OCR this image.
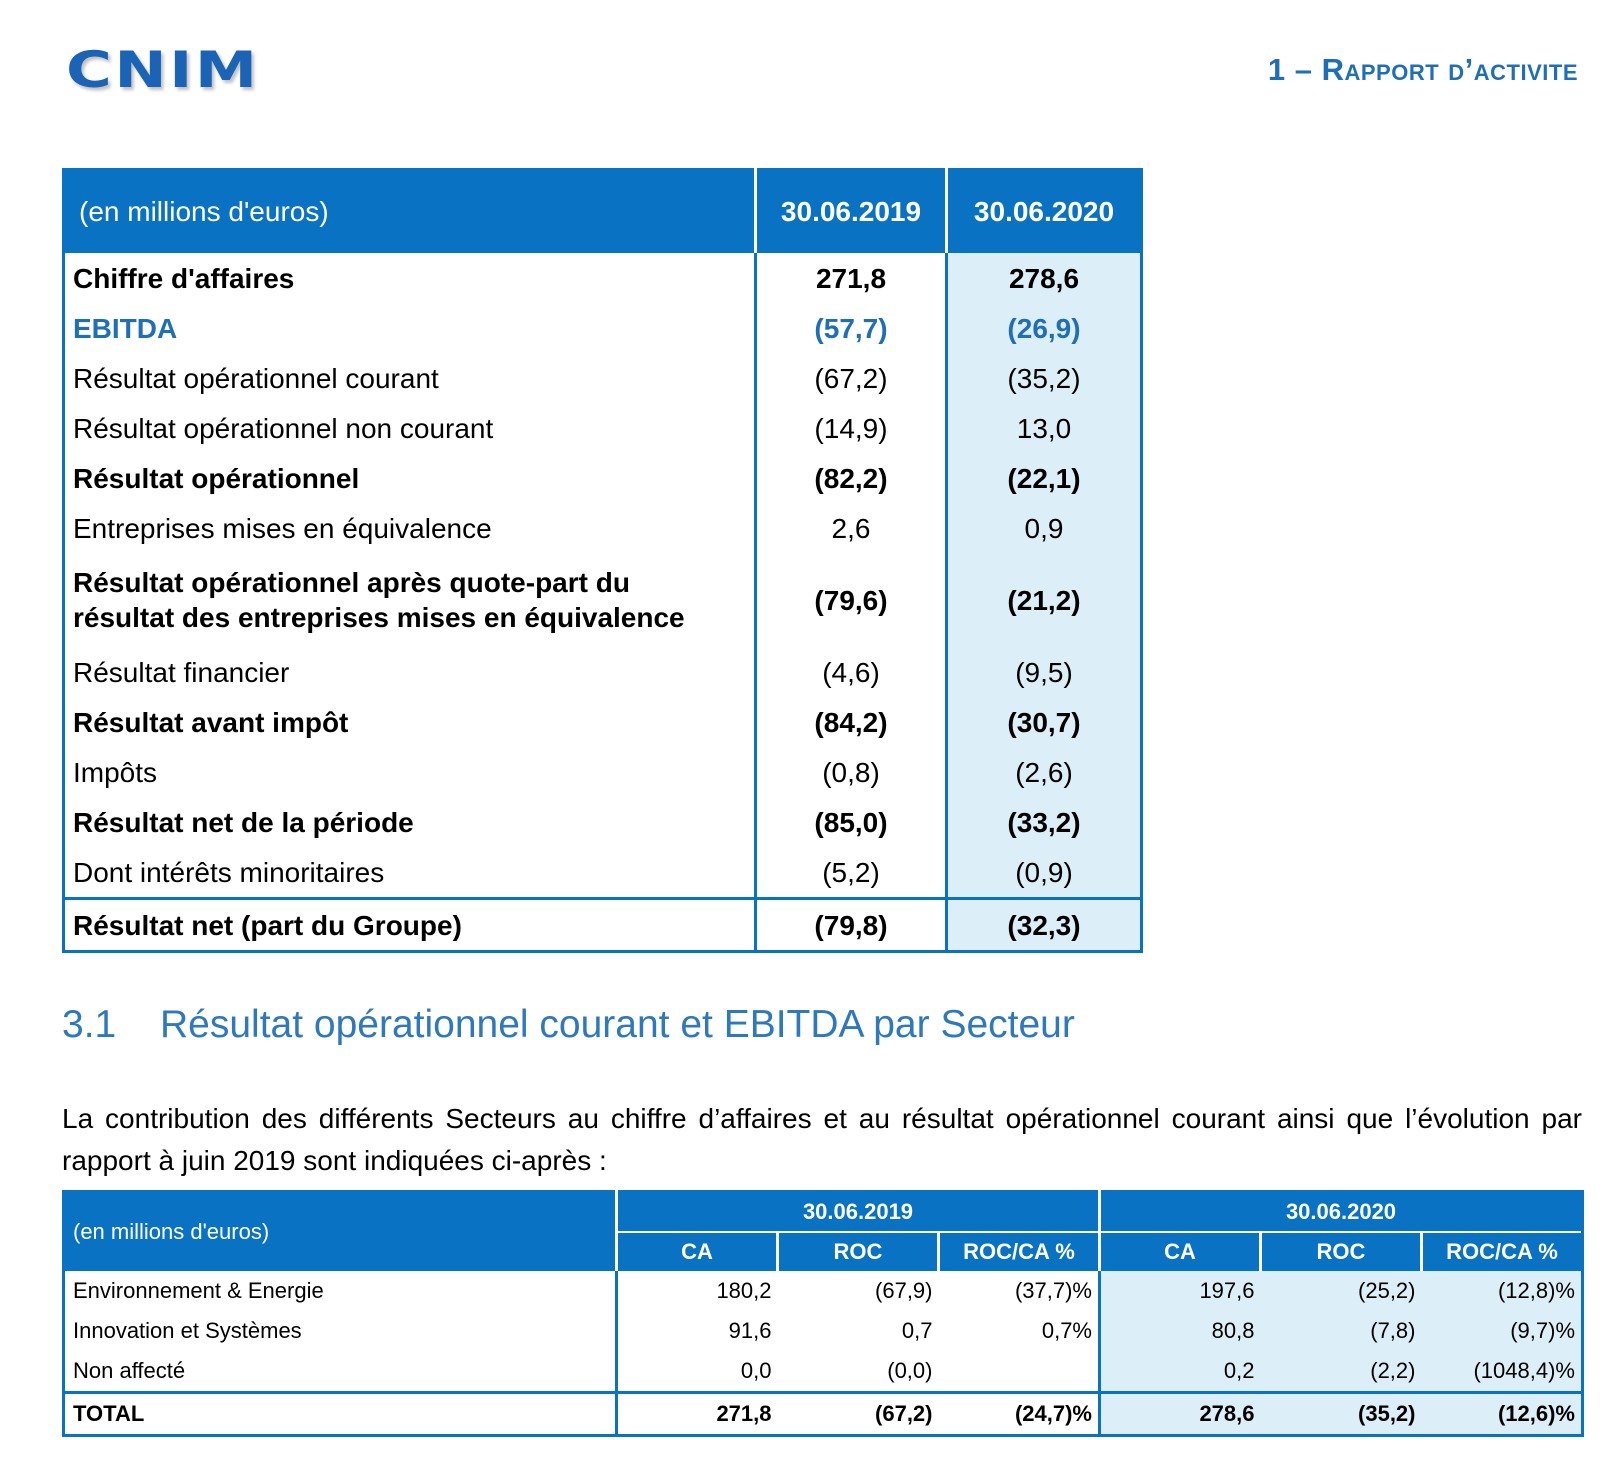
CNIM	1 – Rapport d’activite
(en millions d'euros)	30.06.2019	30.06.2020
Chiffre d'affaires	271,8	278,6
EBITDA	(57,7)	(26,9)
Résultat opérationnel courant	(67,2)	(35,2)
Résultat opérationnel non courant	(14,9)	13,0
Résultat opérationnel	(82,2)	(22,1)
Entreprises mises en équivalence	2,6	0,9
Résultat opérationnel après quote-part du
résultat des entreprises mises en équivalence	(79,6)	(21,2)
Résultat financier	(4,6)	(9,5)
Résultat avant impôt	(84,2)	(30,7)
Impôts	(0,8)	(2,6)
Résultat net de la période	(85,0)	(33,2)
Dont intérêts minoritaires	(5,2)	(0,9)
Résultat net (part du Groupe)	(79,8)	(32,3)
3.1 Résultat opérationnel courant et EBITDA par Secteur
La contribution des différents Secteurs au chiffre d’affaires et au résultat opérationnel courant ainsi que l’évolution par rapport à juin 2019 sont indiquées ci-après :
(en millions d'euros)	30.06.2019			30.06.2020		
	CA	ROC	ROC/CA %	CA	ROC	ROC/CA %
Environnement & Energie	180,2	(67,9)	(37,7)%	197,6	(25,2)	(12,8)%
Innovation et Systèmes	91,6	0,7	0,7%	80,8	(7,8)	(9,7)%
Non affecté	0,0	(0,0)		0,2	(2,2)	(1048,4)%
TOTAL	271,8	(67,2)	(24,7)%	278,6	(35,2)	(12,6)%
